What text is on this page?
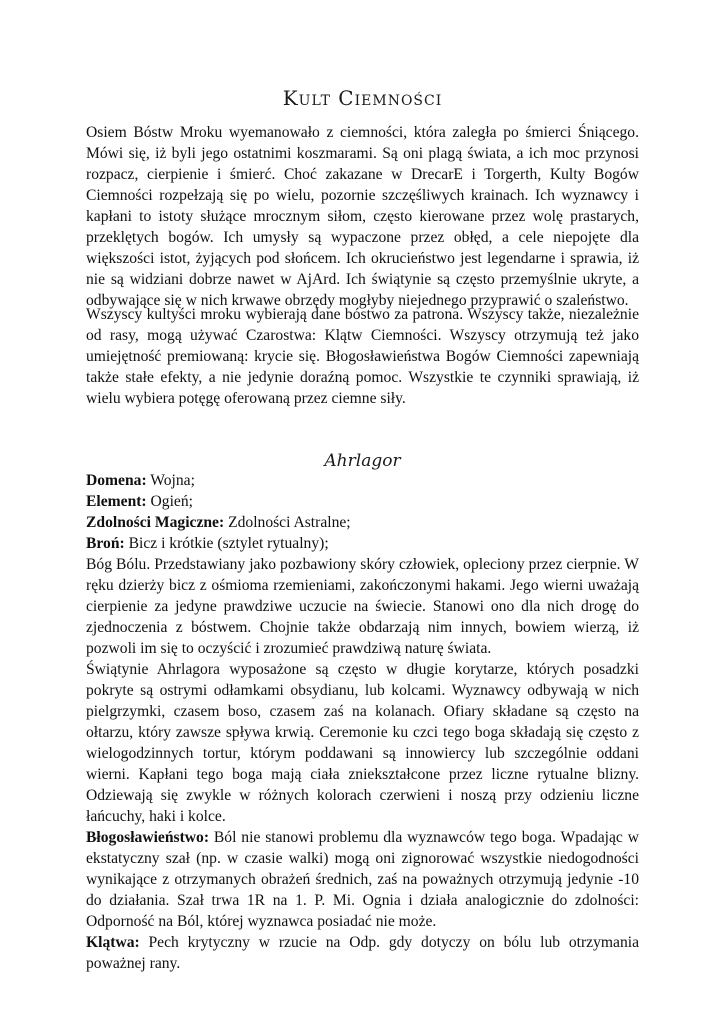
Kult Ciemności

Osiem Bóstw Mroku wyemanowało z ciemności, która zaległa po śmierci Śniącego. Mówi się, iż byli jego ostatnimi koszmarami. Są oni plagą świata, a ich moc przynosi rozpacz, cierpienie i śmierć. Choć zakazane w DrecarE i Torgerth, Kulty Bogów Ciemności rozpełzają się po wielu, pozornie szczęśliwych krainach. Ich wyznawcy i kapłani to istoty służące mrocznym siłom, często kierowane przez wolę prastarych, przeklętych bogów. Ich umysły są wypaczone przez obłęd, a cele niepojęte dla większości istot, żyjących pod słońcem. Ich okrucieństwo jest legendarne i sprawia, iż nie są widziani dobrze nawet w AjArd. Ich świątynie są często przemyślnie ukryte, a odbywające się w nich krwawe obrzędy mogłyby niejednego przyprawić o szaleństwo.

Wszyscy kultyści mroku wybierają dane bóstwo za patrona. Wszyscy także, niezależnie od rasy, mogą używać Czarostwa: Klątw Ciemności. Wszyscy otrzymują też jako umiejętność premiowaną: krycie się. Błogosławieństwa Bogów Ciemności zapewniają także stałe efekty, a nie jedynie doraźną pomoc. Wszystkie te czynniki sprawiają, iż wielu wybiera potęgę oferowaną przez ciemne siły.

Ahrlagor

Domena: Wojna;

Element: Ogień;

Zdolności Magiczne: Zdolności Astralne;

Broń: Bicz i krótkie (sztylet rytualny);

Bóg Bólu. Przedstawiany jako pozbawiony skóry człowiek, opleciony przez cierpnie. W ręku dzierży bicz z ośmioma rzemieniami, zakończonymi hakami. Jego wierni uważają cierpienie za jedyne prawdziwe uczucie na świecie. Stanowi ono dla nich drogę do zjednoczenia z bóstwem. Chojnie także obdarzają nim innych, bowiem wierzą, iż pozwoli im się to oczyścić i zrozumieć prawdziwą naturę świata.

Świątynie Ahrlagora wyposażone są często w długie korytarze, których posadzki pokryte są ostrymi odłamkami obsydianu, lub kolcami. Wyznawcy odbywają w nich pielgrzymki, czasem boso, czasem zaś na kolanach. Ofiary składane są często na ołtarzu, który zawsze spływa krwią. Ceremonie ku czci tego boga składają się często z wielogodzinnych tortur, którym poddawani są innowiercy lub szczególnie oddani wierni. Kapłani tego boga mają ciała zniekształcone przez liczne rytualne blizny. Odziewają się zwykle w różnych kolorach czerwieni i noszą przy odzieniu liczne łańcuchy, haki i kolce.

Błogosławieństwo: Ból nie stanowi problemu dla wyznawców tego boga. Wpadając w ekstatyczny szał (np. w czasie walki) mogą oni zignorować wszystkie niedogodności wynikające z otrzymanych obrażeń średnich, zaś na poważnych otrzymują jedynie -10 do działania. Szał trwa 1R na 1. P. Mi. Ognia i działa analogicznie do zdolności: Odporność na Ból, której wyznawca posiadać nie może.

Klątwa: Pech krytyczny w rzucie na Odp. gdy dotyczy on bólu lub otrzymania poważnej rany.
